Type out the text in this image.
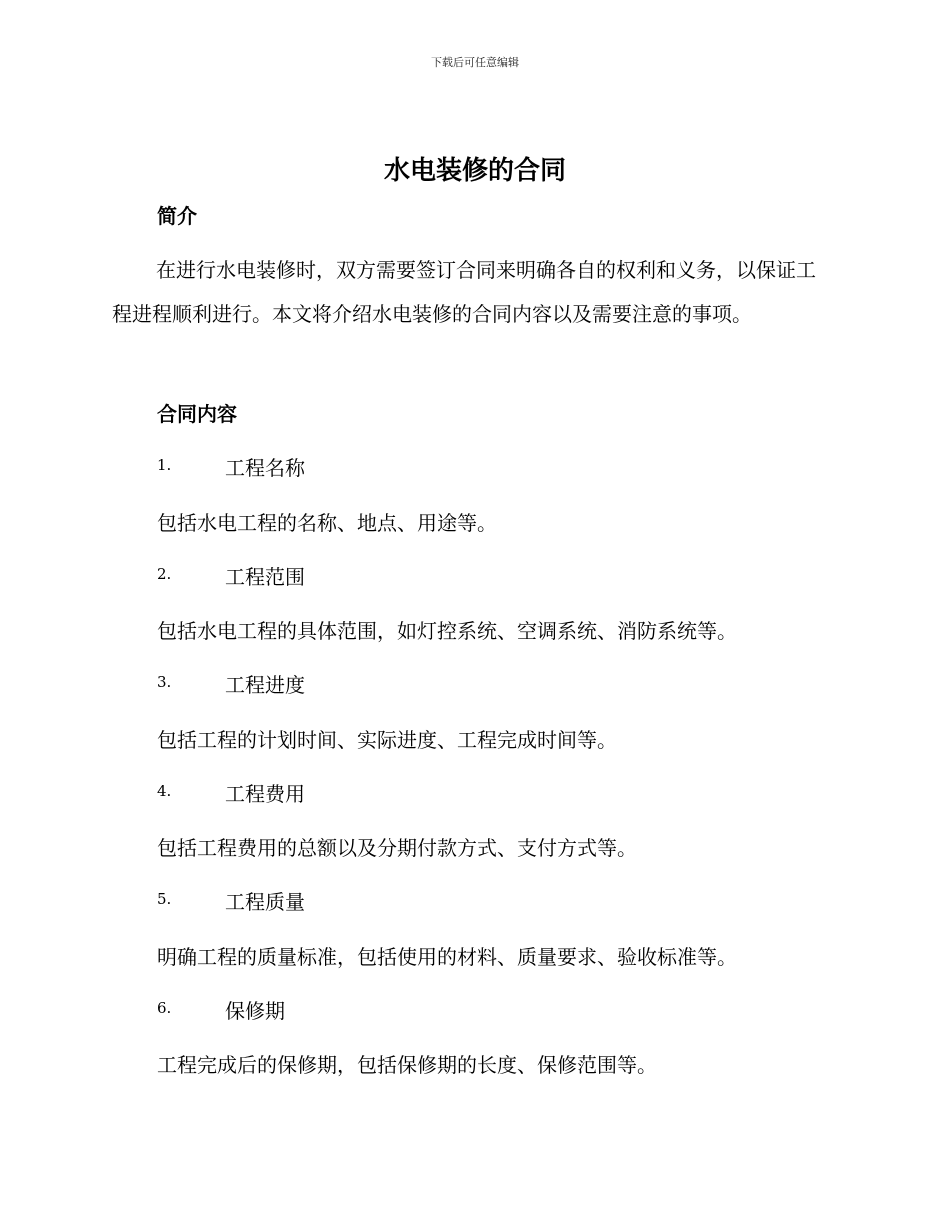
下载后可任意编辑
水电装修的合同
简介

在进行水电装修时，双方需要签订合同来明确各自的权利和义务，以保证工程进程顺利进行。本文将介绍水电装修的合同内容以及需要注意的事项。

合同内容
1.	工程名称
包括水电工程的名称、地点、用途等。
2.	工程范围
包括水电工程的具体范围，如灯控系统、空调系统、消防系统等。
3.	工程进度
包括工程的计划时间、实际进度、工程完成时间等。
4.	工程费用
包括工程费用的总额以及分期付款方式、支付方式等。
5.	工程质量
明确工程的质量标准，包括使用的材料、质量要求、验收标准等。
6.	保修期
工程完成后的保修期，包括保修期的长度、保修范围等。
